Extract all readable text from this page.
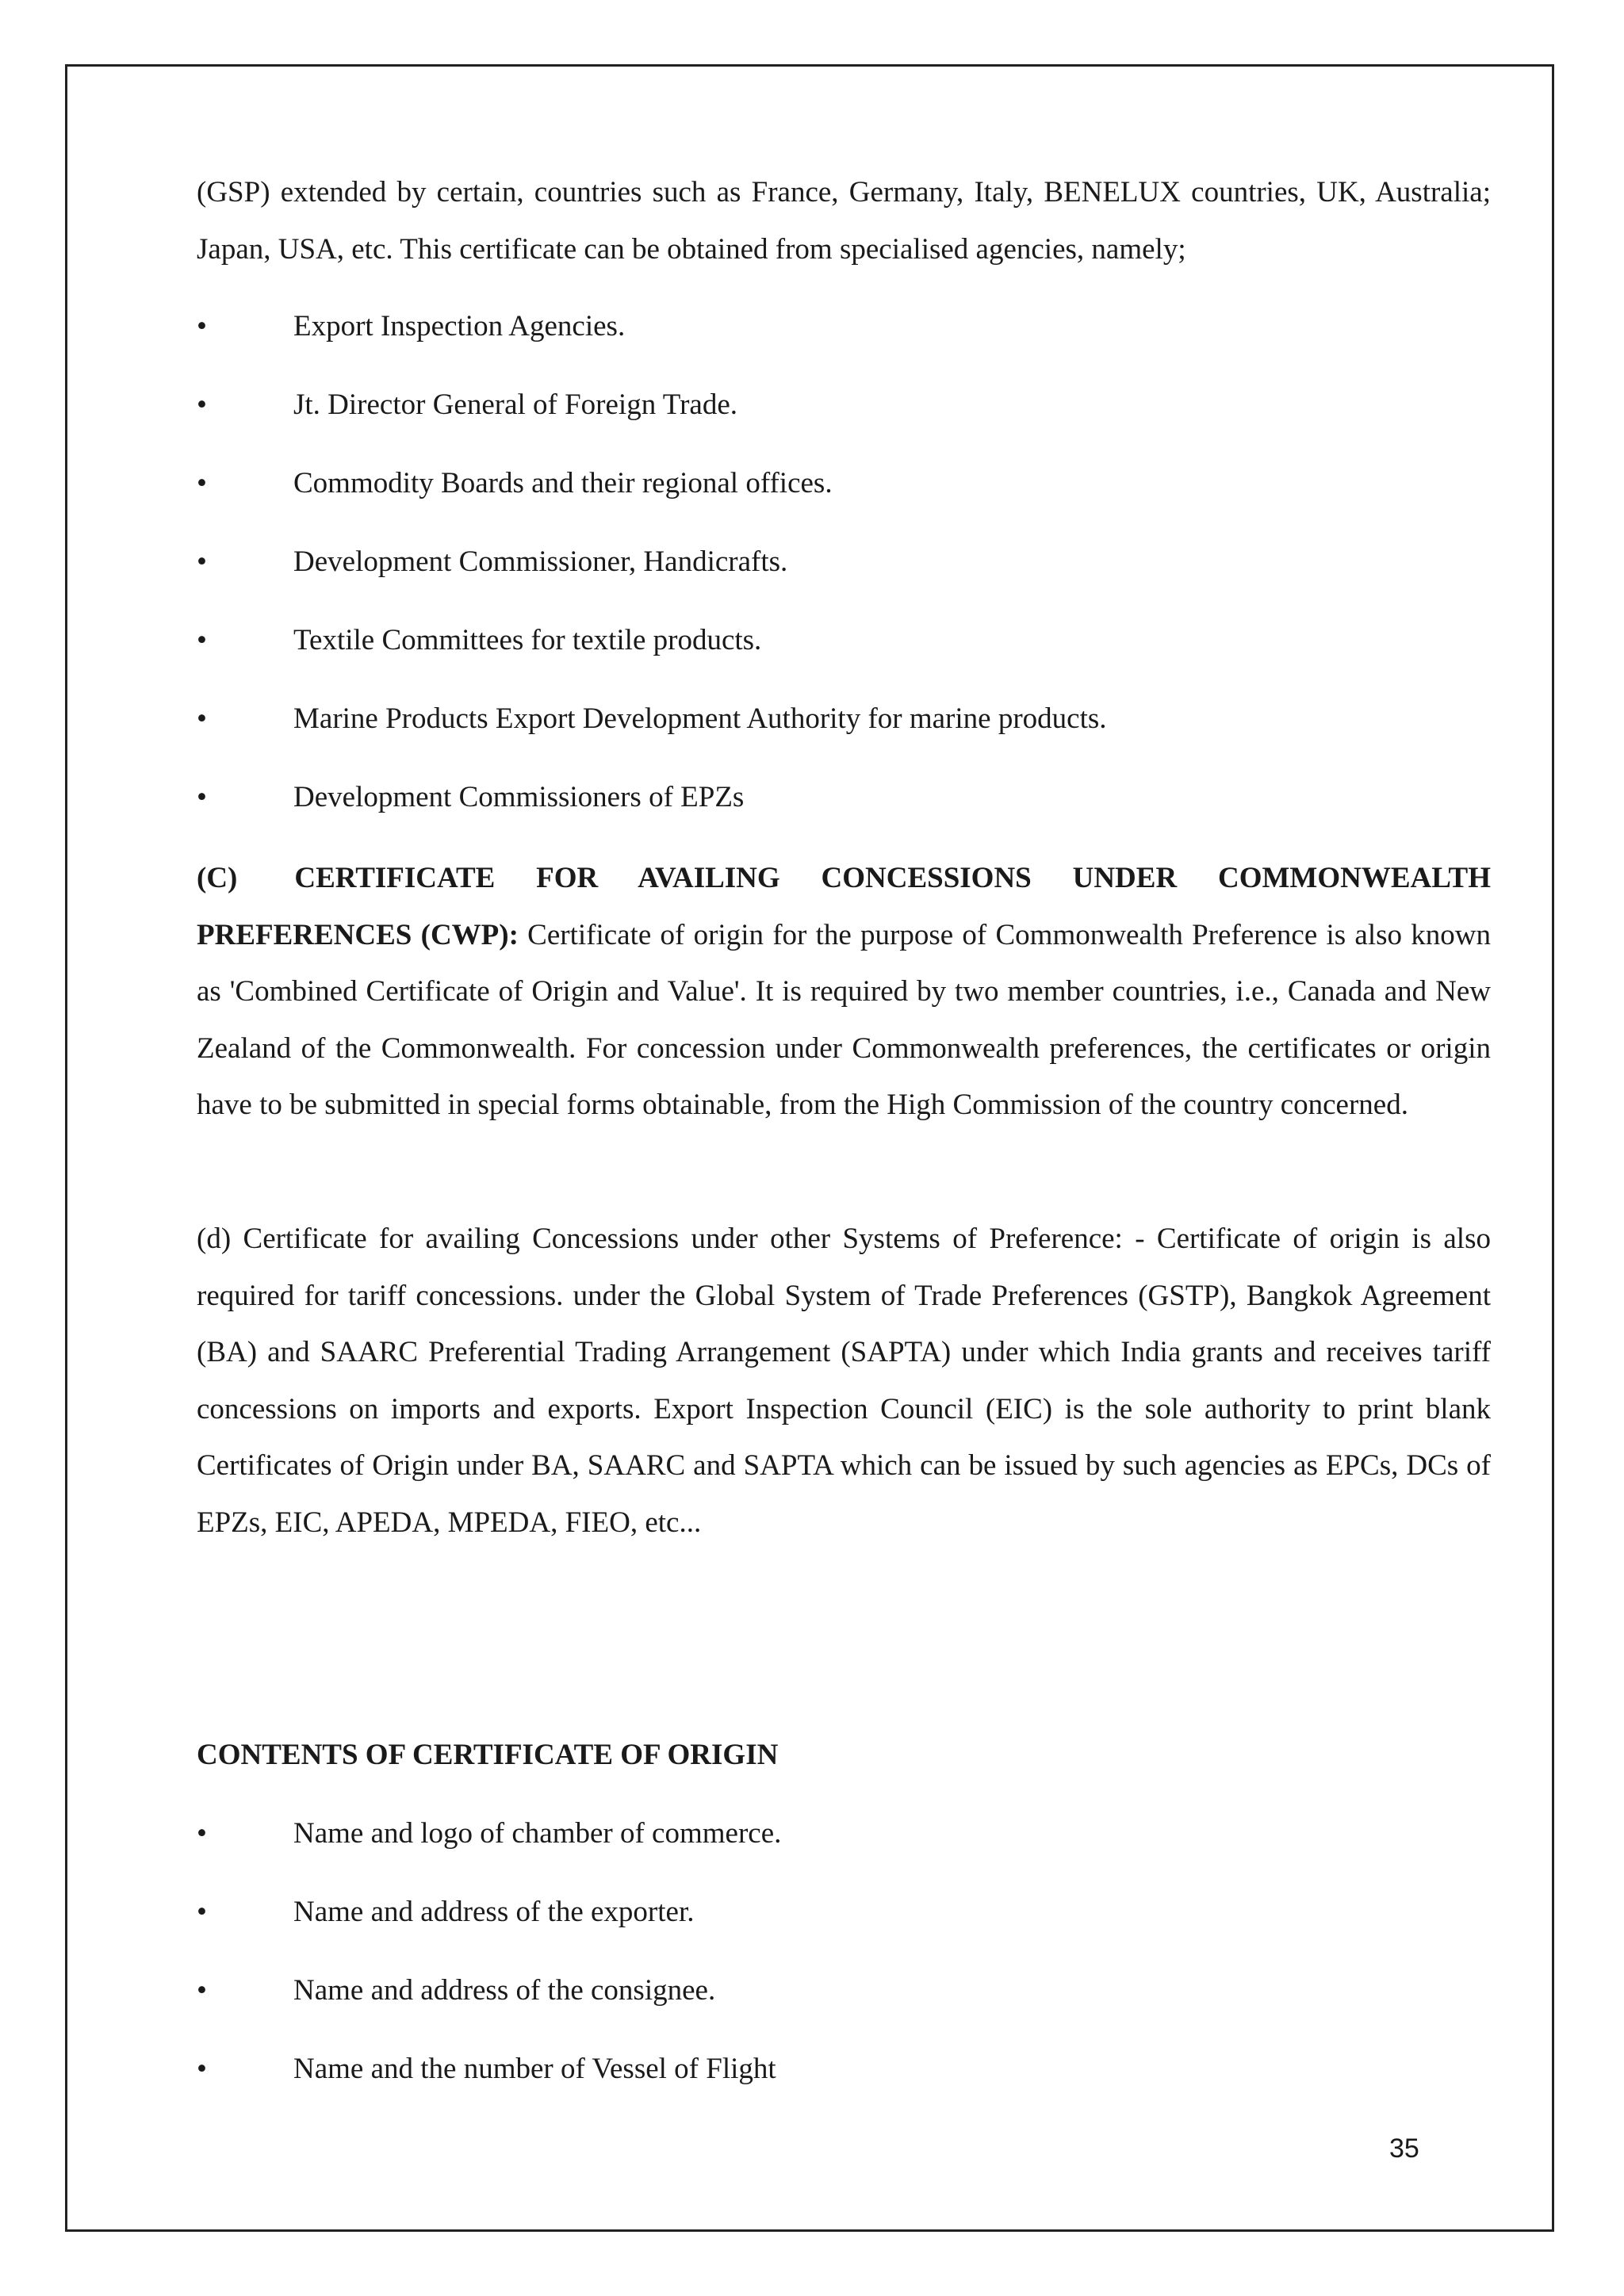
(GSP) extended by certain, countries such as France, Germany, Italy, BENELUX countries, UK, Australia; Japan, USA, etc. This certificate can be obtained from specialised agencies, namely;

•	Export Inspection Agencies.
•	Jt. Director General of Foreign Trade.
•	Commodity Boards and their regional offices.
•	Development Commissioner, Handicrafts.
•	Textile Committees for textile products.
•	Marine Products Export Development Authority for marine products.
•	Development Commissioners of EPZs

(C) CERTIFICATE FOR AVAILING CONCESSIONS UNDER COMMONWEALTH PREFERENCES (CWP): Certificate of origin for the purpose of Commonwealth Preference is also known as 'Combined Certificate of Origin and Value'. It is required by two member countries, i.e., Canada and New Zealand of the Commonwealth. For concession under Commonwealth preferences, the certificates or origin have to be submitted in special forms obtainable, from the High Commission of the country concerned.

(d) Certificate for availing Concessions under other Systems of Preference: - Certificate of origin is also required for tariff concessions. under the Global System of Trade Preferences (GSTP), Bangkok Agreement (BA) and SAARC Preferential Trading Arrangement (SAPTA) under which India grants and receives tariff concessions on imports and exports. Export Inspection Council (EIC) is the sole authority to print blank Certificates of Origin under BA, SAARC and SAPTA which can be issued by such agencies as EPCs, DCs of EPZs, EIC, APEDA, MPEDA, FIEO, etc...

CONTENTS OF CERTIFICATE OF ORIGIN
•	Name and logo of chamber of commerce.
•	Name and address of the exporter.
•	Name and address of the consignee.
•	Name and the number of Vessel of Flight
35
